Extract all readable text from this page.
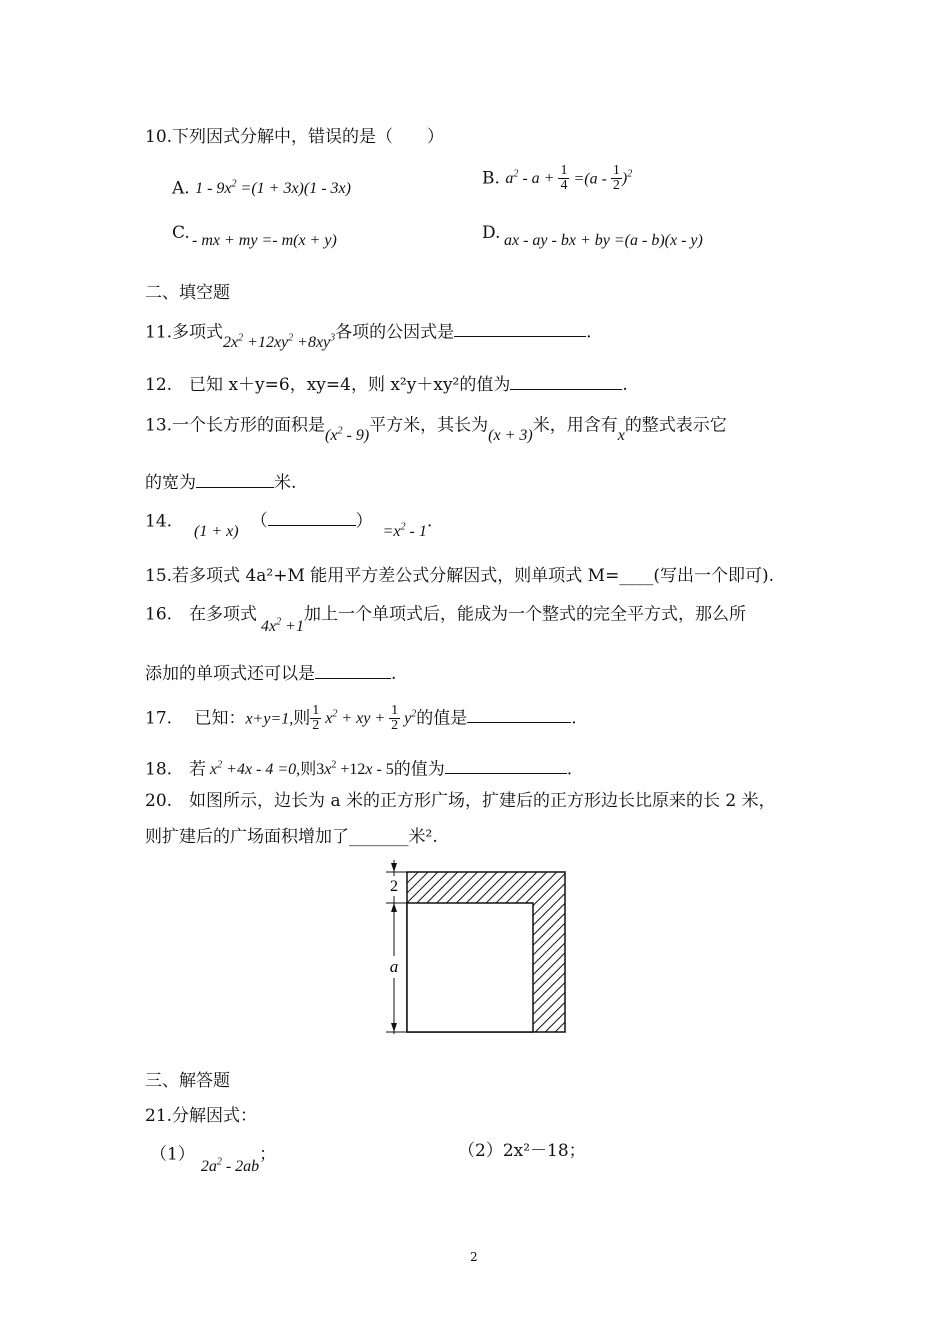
10.下列因式分解中，错误的是（　　）
A. $1 - 9x^2 =(1 + 3x)(1 - 3x)$
B. $a^2 - a + \frac{1}{4} =(a - \frac{1}{2} )^2$
C. - mx + my =- m(x + y)	D. ax - ay - bx + by =(a - b)(x - y)
二、填空题
11.多项式$2x^2 +12xy^2 +8xy^3$各项的公因式是	.
12.　已知 x＋y=6，xy=4，则 x²y＋xy²的值为	.
13.一个长方形的面积是$(x^2 - 9)$平方米，其长为(x + 3)米，用含有x的整式表示它
的宽为	米.
14.(1 + x)（	）$=x^2 - 1$.
15.若多项式 4a²+M 能用平方差公式分解因式，则单项式 M=____(写出一个即可).
16.　在多项式$4x^2 +1$加上一个单项式后，能成为一个整式的完全平方式，那么所
添加的单项式还可以是	.
17.　 已知：x+y=1,则 $\frac{1}{2} x^2$ + xy + $\frac{1}{2} y^2$的值是	.
18.　若 $x^2 +4x - 4 =0$,则$3x^2 +12x - 5$的值为	.
20.　如图所示，边长为 a 米的正方形广场，扩建后的正方形边长比原来的长 2 米，
则扩建后的广场面积增加了_______米².
2
a
三、解答题
21.分解因式：
$(1)2a^2 - 2ab$；	（2）2x²－18；
2
